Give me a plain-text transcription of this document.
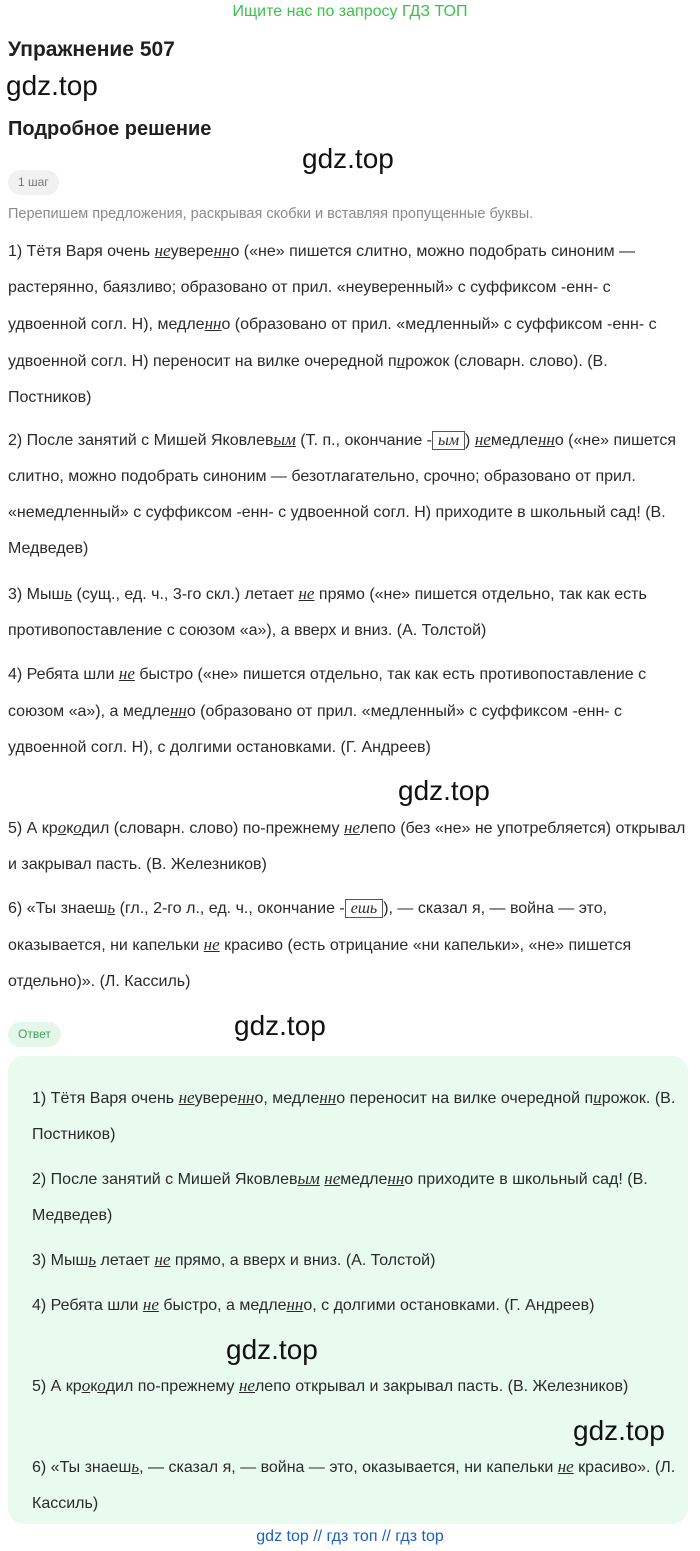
Ищите нас по запросу ГДЗ ТОП
Упражнение 507
gdz.top
Подробное решение
gdz.top
1 шаг
Перепишем предложения, раскрывая скобки и вставляя пропущенные буквы.
1) Тётя Варя очень неуверенно («не» пишется слитно, можно подобрать синоним — растерянно, баязливо; образовано от прил. «неуверенный» с суффиксом -енн- с удвоенной согл. Н), медленно (образовано от прил. «медленный» с суффиксом -енн- с удвоенной согл. Н) переносит на вилке очередной пирожок (словарн. слово). (В. Постников)
2) После занятий с Мишей Яковлевым (Т. п., окончание - ым ) немедленно («не» пишется слитно, можно подобрать синоним — безотлагательно, срочно; образовано от прил. «немедленный» с суффиксом -енн- с удвоенной согл. Н) приходите в школьный сад! (В. Медведев)
3) Мышь (сущ., ед. ч., 3-го скл.) летает не прямо («не» пишется отдельно, так как есть противопоставление с союзом «а»), а вверх и вниз. (А. Толстой)
4) Ребята шли не быстро («не» пишется отдельно, так как есть противопоставление с союзом «а»), а медленно (образовано от прил. «медленный» с суффиксом -енн- с удвоенной согл. Н), с долгими остановками. (Г. Андреев)
gdz.top
5) А крокодил (словарн. слово) по-прежнему нелепо (без «не» не употребляется) открывал и закрывал пасть. (В. Железников)
6) «Ты знаешь (гл., 2-го л., ед. ч., окончание - ешь ), — сказал я, — война — это, оказывается, ни капельки не красиво (есть отрицание «ни капельки», «не» пишется отдельно)». (Л. Кассиль)
Ответ	gdz.top
1) Тётя Варя очень неуверенно, медленно переносит на вилке очередной пирожок. (В. Постников)
2) После занятий с Мишей Яковлевым немедленно приходите в школьный сад! (В. Медведев)
3) Мышь летает не прямо, а вверх и вниз. (А. Толстой)
4) Ребята шли не быстро, а медленно, с долгими остановками. (Г. Андреев)
gdz.top
5) А крокодил по-прежнему нелепо открывал и закрывал пасть. (В. Железников)
gdz.top
6) «Ты знаешь, — сказал я, — война — это, оказывается, ни капельки не красиво». (Л. Кассиль)
gdz top // гдз топ // гдз top
